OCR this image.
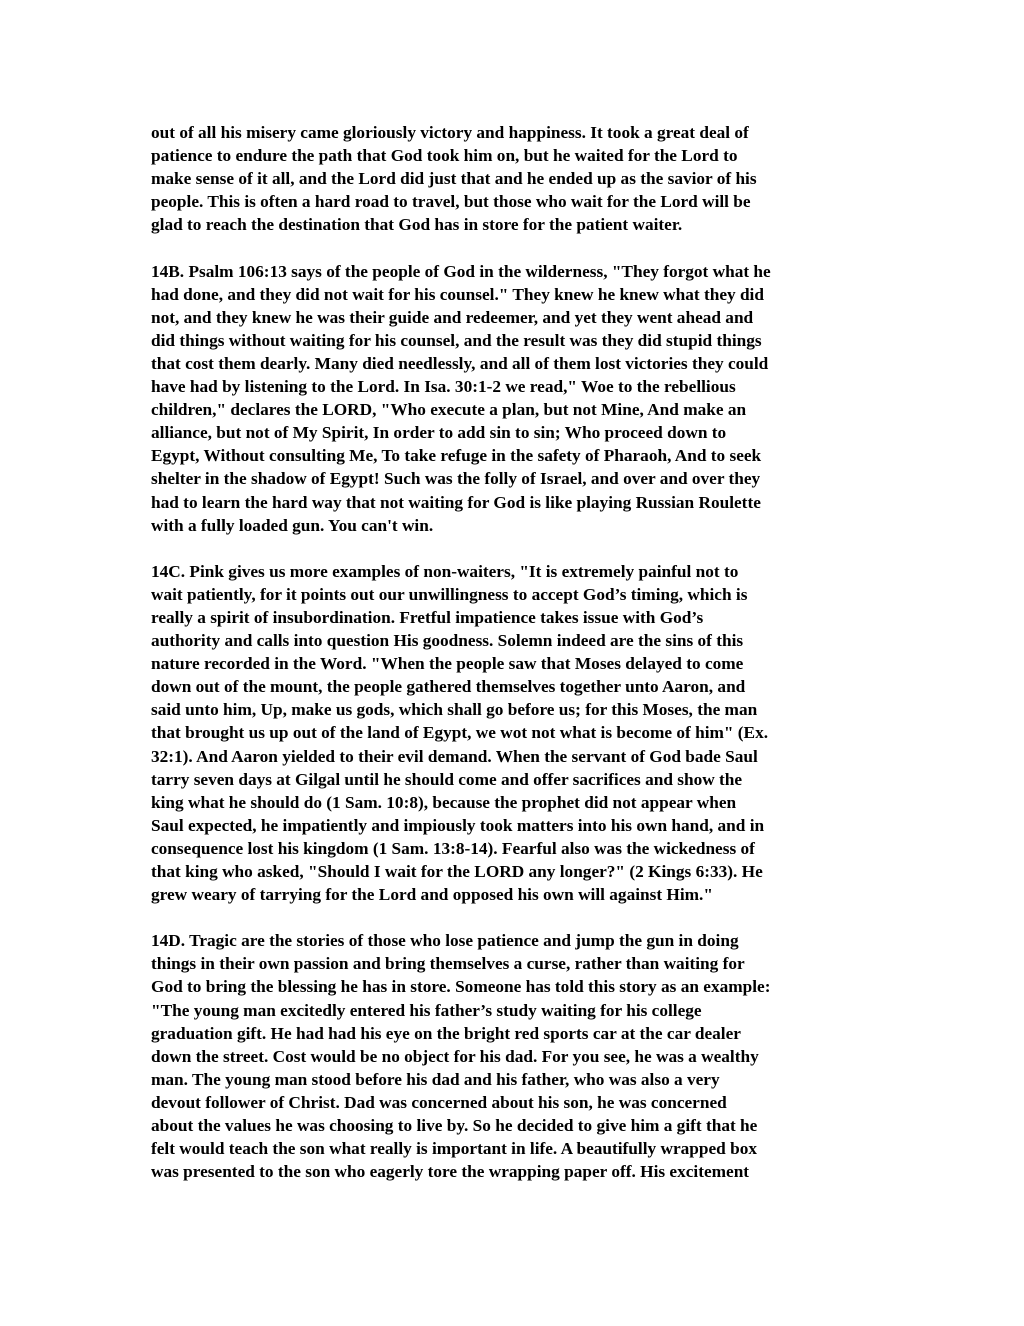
out of all his misery came gloriously victory and happiness. It took a great deal of
patience to endure the path that God took him on, but he waited for the Lord to
make sense of it all, and the Lord did just that and he ended up as the savior of his
people. This is often a hard road to travel, but those who wait for the Lord will be
glad to reach the destination that God has in store for the patient waiter.

14B. Psalm 106:13 says of the people of God in the wilderness, "They forgot what he
had done, and they did not wait for his counsel." They knew he knew what they did
not, and they knew he was their guide and redeemer, and yet they went ahead and
did things without waiting for his counsel, and the result was they did stupid things
that cost them dearly. Many died needlessly, and all of them lost victories they could
have had by listening to the Lord. In Isa. 30:1-2 we read," Woe to the rebellious
children," declares the LORD, "Who execute a plan, but not Mine, And make an
alliance, but not of My Spirit, In order to add sin to sin; Who proceed down to
Egypt, Without consulting Me, To take refuge in the safety of Pharaoh, And to seek
shelter in the shadow of Egypt! Such was the folly of Israel, and over and over they
had to learn the hard way that not waiting for God is like playing Russian Roulette
with a fully loaded gun. You can't win.

14C. Pink gives us more examples of non-waiters, "It is extremely painful not to
wait patiently, for it points out our unwillingness to accept God’s timing, which is
really a spirit of insubordination. Fretful impatience takes issue with God’s
authority and calls into question His goodness. Solemn indeed are the sins of this
nature recorded in the Word. "When the people saw that Moses delayed to come
down out of the mount, the people gathered themselves together unto Aaron, and
said unto him, Up, make us gods, which shall go before us; for this Moses, the man
that brought us up out of the land of Egypt, we wot not what is become of him" (Ex.
32:1). And Aaron yielded to their evil demand. When the servant of God bade Saul
tarry seven days at Gilgal until he should come and offer sacrifices and show the
king what he should do (1 Sam. 10:8), because the prophet did not appear when
Saul expected, he impatiently and impiously took matters into his own hand, and in
consequence lost his kingdom (1 Sam. 13:8-14). Fearful also was the wickedness of
that king who asked, "Should I wait for the LORD any longer?" (2 Kings 6:33). He
grew weary of tarrying for the Lord and opposed his own will against Him."

14D. Tragic are the stories of those who lose patience and jump the gun in doing
things in their own passion and bring themselves a curse, rather than waiting for
God to bring the blessing he has in store. Someone has told this story as an example:
"The young man excitedly entered his father’s study waiting for his college
graduation gift. He had had his eye on the bright red sports car at the car dealer
down the street. Cost would be no object for his dad. For you see, he was a wealthy
man. The young man stood before his dad and his father, who was also a very
devout follower of Christ. Dad was concerned about his son, he was concerned
about the values he was choosing to live by. So he decided to give him a gift that he
felt would teach the son what really is important in life. A beautifully wrapped box
was presented to the son who eagerly tore the wrapping paper off. His excitement
